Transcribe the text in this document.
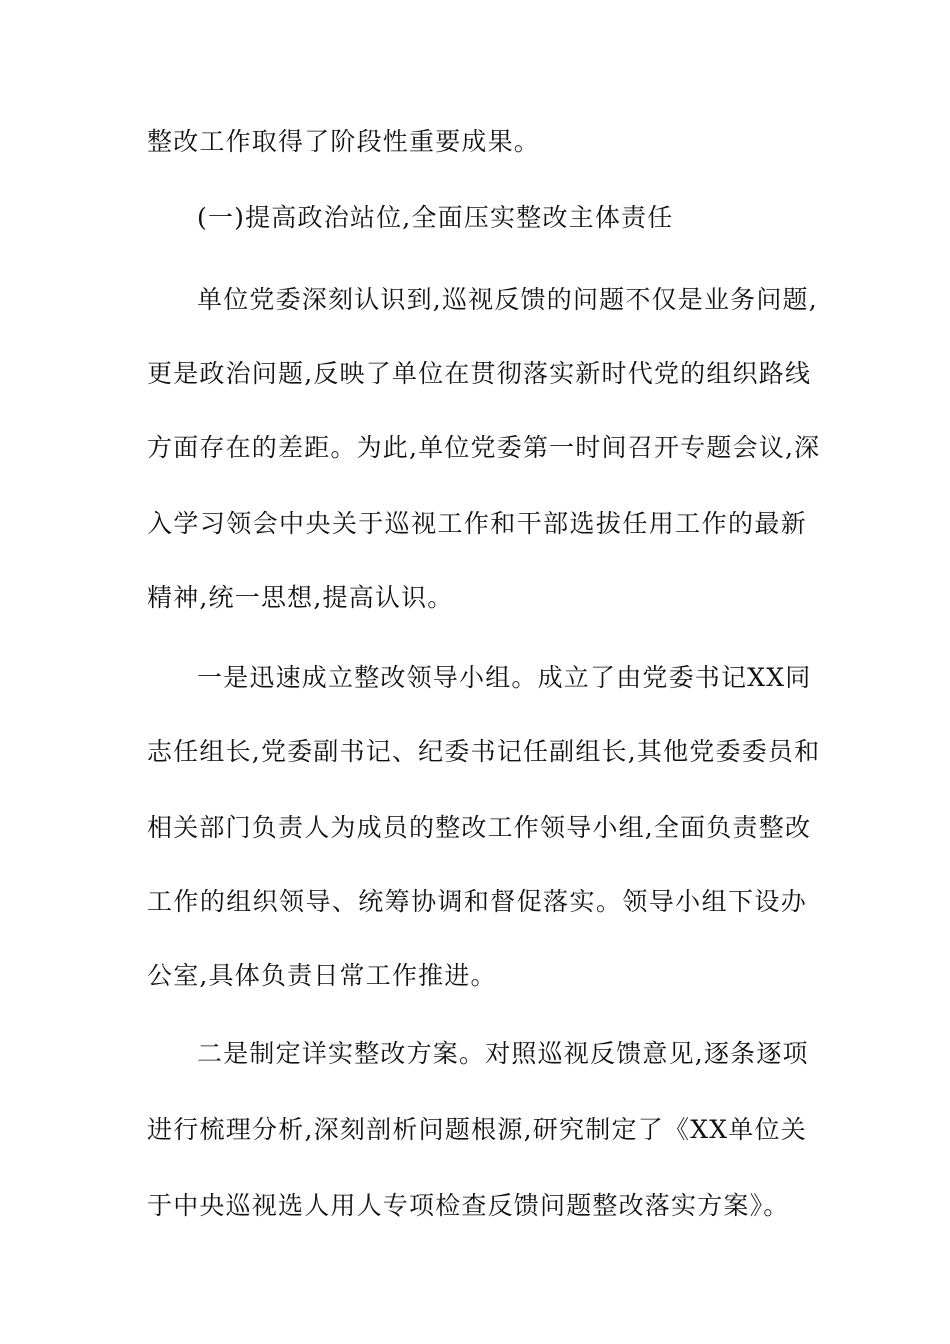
整改工作取得了阶段性重要成果。
(一)提高政治站位,全面压实整改主体责任
单位党委深刻认识到,巡视反馈的问题不仅是业务问题,
更是政治问题,反映了单位在贯彻落实新时代党的组织路线
方面存在的差距。为此,单位党委第一时间召开专题会议,深
入学习领会中央关于巡视工作和干部选拔任用工作的最新
精神,统一思想,提高认识。
一是迅速成立整改领导小组。成立了由党委书记XX同
志任组长,党委副书记、纪委书记任副组长,其他党委委员和
相关部门负责人为成员的整改工作领导小组,全面负责整改
工作的组织领导、统筹协调和督促落实。领导小组下设办
公室,具体负责日常工作推进。
二是制定详实整改方案。对照巡视反馈意见,逐条逐项
进行梳理分析,深刻剖析问题根源,研究制定了《XX单位关
于中央巡视选人用人专项检查反馈问题整改落实方案》。
